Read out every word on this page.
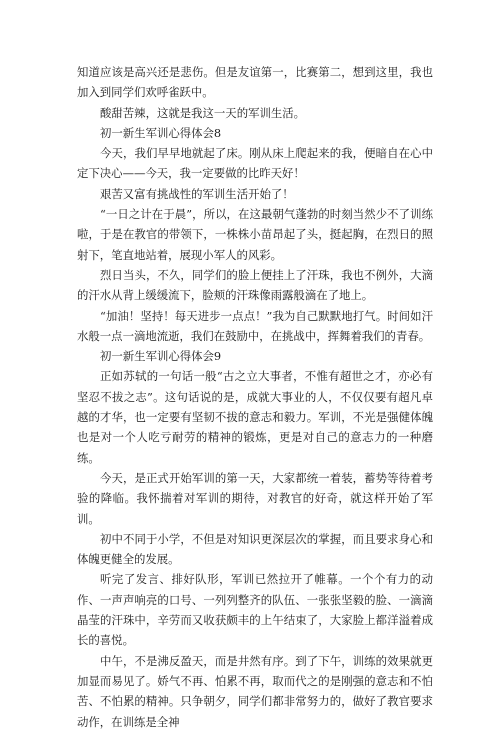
知道应该是高兴还是悲伤。但是友谊第一，比赛第二，想到这里，我也加入到同学们欢呼雀跃中。

酸甜苦辣，这就是我这一天的军训生活。

初一新生军训心得体会8

今天，我们早早地就起了床。刚从床上爬起来的我，便暗自在心中定下决心——今天，我一定要做的比昨天好！

艰苦又富有挑战性的军训生活开始了！

“一日之计在于晨”，所以，在这最朝气蓬勃的时刻当然少不了训练啦，于是在教官的带领下，一株株小苗昂起了头，挺起胸，在烈日的照射下，笔直地站着，展现小军人的风彩。

烈日当头，不久，同学们的脸上便挂上了汗珠，我也不例外，大滴的汗水从背上缓缓流下，脸颊的汗珠像雨露般滴在了地上。

“加油！坚持！每天进步一点点！”我为自己默默地打气。时间如汗水般一点一滴地流逝，我们在鼓励中，在挑战中，挥舞着我们的青春。

初一新生军训心得体会9

正如苏轼的一句话一般“古之立大事者，不惟有超世之才，亦必有坚忍不拔之志”。这句话说的是，成就大事业的人，不仅仅要有超凡卓越的才华，也一定要有坚韧不拔的意志和毅力。军训，不光是强健体魄也是对一个人吃亏耐劳的精神的锻炼，更是对自己的意志力的一种磨练。

今天，是正式开始军训的第一天，大家都统一着装，蓄势等待着考验的降临。我怀揣着对军训的期待，对教官的好奇，就这样开始了军训。

初中不同于小学，不但是对知识更深层次的掌握，而且要求身心和体魄更健全的发展。

听完了发言、排好队形，军训已然拉开了帷幕。一个个有力的动作、一声声响亮的口号、一列列整齐的队伍、一张张坚毅的脸、一滴滴晶莹的汗珠中，辛劳而又收获颇丰的上午结束了，大家脸上都洋溢着成长的喜悦。

中午，不是沸反盈天，而是井然有序。到了下午，训练的效果就更加显而易见了。娇气不再、怕累不再，取而代之的是刚强的意志和不怕苦、不怕累的精神。只争朝夕，同学们都非常努力的，做好了教官要求动作，在训练是全神
